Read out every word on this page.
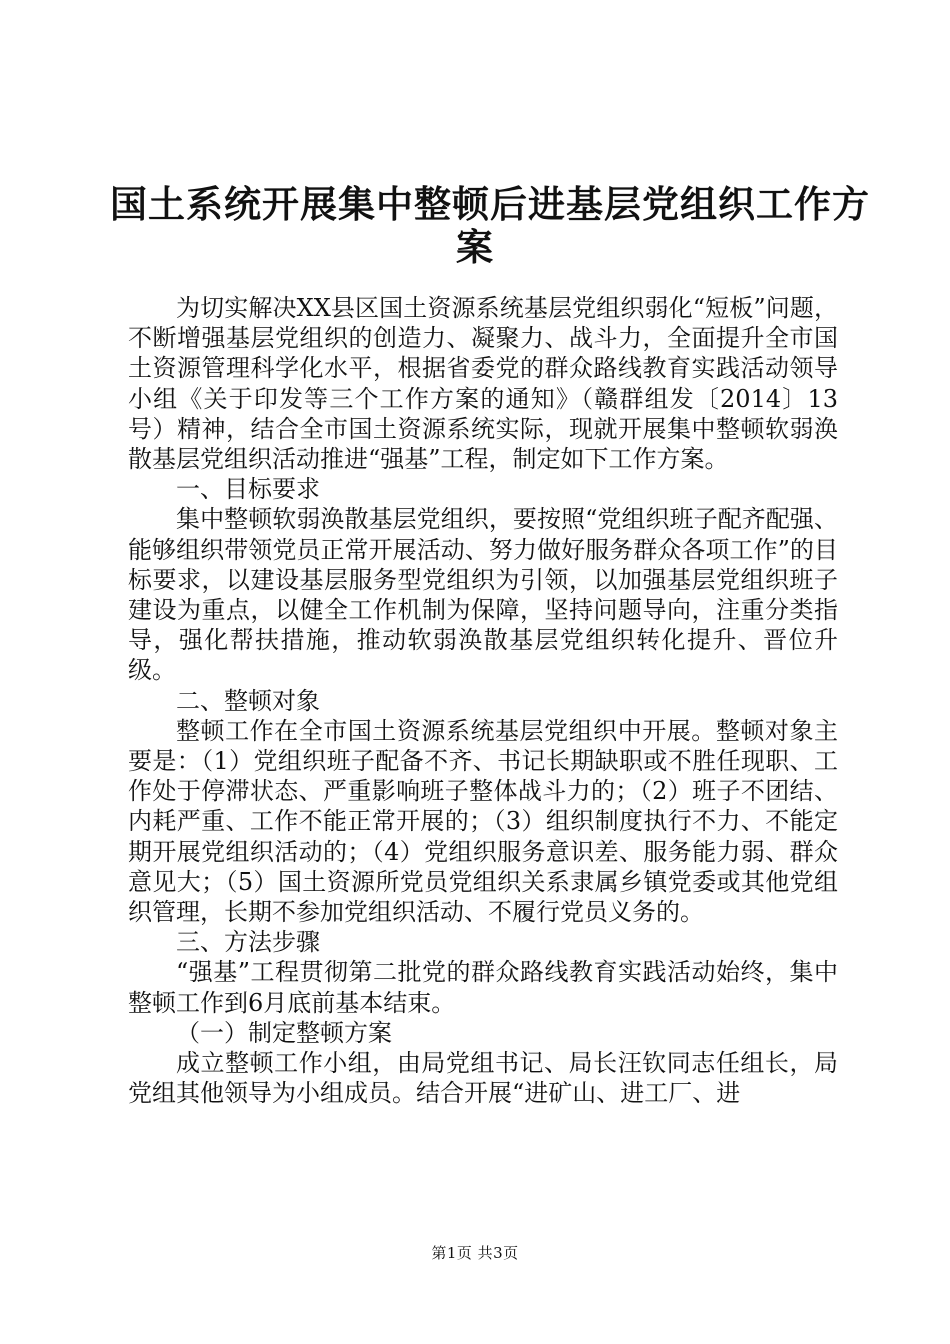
国土系统开展集中整顿后进基层党组织工作方
案

为切实解决XX县区国土资源系统基层党组织弱化“短板”问题，不断增强基层党组织的创造力、凝聚力、战斗力，全面提升全市国土资源管理科学化水平，根据省委党的群众路线教育实践活动领导小组《关于印发等三个工作方案的通知》（赣群组发〔2014〕13号）精神，结合全市国土资源系统实际，现就开展集中整顿软弱涣散基层党组织活动推进“强基”工程，制定如下工作方案。

一、目标要求

集中整顿软弱涣散基层党组织，要按照“党组织班子配齐配强、能够组织带领党员正常开展活动、努力做好服务群众各项工作”的目标要求，以建设基层服务型党组织为引领，以加强基层党组织班子建设为重点，以健全工作机制为保障，坚持问题导向，注重分类指导，强化帮扶措施，推动软弱涣散基层党组织转化提升、晋位升级。

二、整顿对象

整顿工作在全市国土资源系统基层党组织中开展。整顿对象主要是：（1）党组织班子配备不齐、书记长期缺职或不胜任现职、工作处于停滞状态、严重影响班子整体战斗力的；（2）班子不团结、内耗严重、工作不能正常开展的；（3）组织制度执行不力、不能定期开展党组织活动的；（4）党组织服务意识差、服务能力弱、群众意见大；（5）国土资源所党员党组织关系隶属乡镇党委或其他党组织管理，长期不参加党组织活动、不履行党员义务的。

三、方法步骤

“强基”工程贯彻第二批党的群众路线教育实践活动始终，集中整顿工作到6月底前基本结束。

（一）制定整顿方案

成立整顿工作小组，由局党组书记、局长汪钦同志任组长，局党组其他领导为小组成员。结合开展“进矿山、进工厂、进

第1页 共3页
